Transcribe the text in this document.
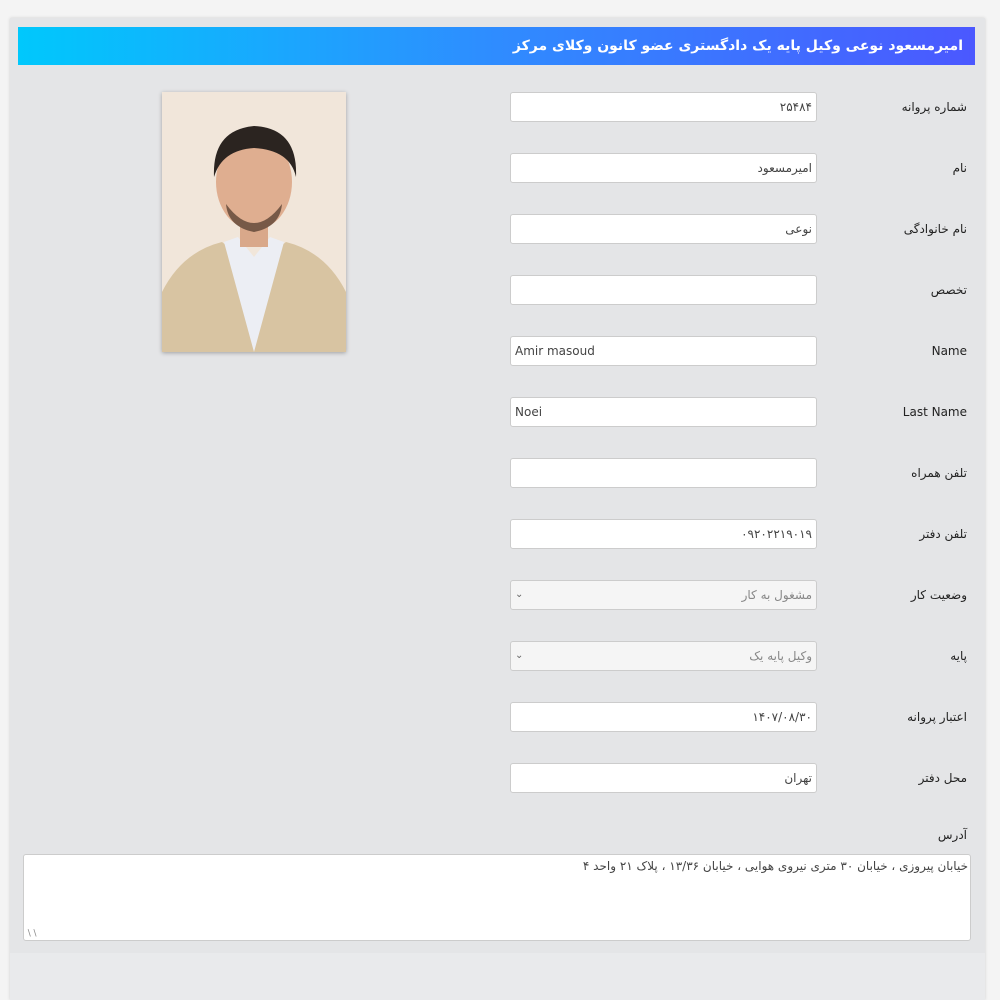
امیرمسعود نوعی وکیل پایه یک دادگستری عضو کانون وکلای مرکز
شماره پروانه
۲۵۴۸۴
نام
امیرمسعود
نام خانوادگی
نوعی
تخصص
Name
Amir masoud
Last Name
Noei
تلفن همراه
تلفن دفتر
۰۹۲۰۲۲۱۹۰۱۹
وضعیت کار
مشغول به کار
⌄
پایه
وکیل پایه یک
⌄
اعتبار پروانه
۱۴۰۷/۰۸/۳۰
محل دفتر
تهران
آدرس
خیابان پیروزی ، خیابان ۳۰ متری نیروی هوایی ، خیابان ۱۳/۳۶ ، پلاک ۲۱ واحد ۴
∖∖
